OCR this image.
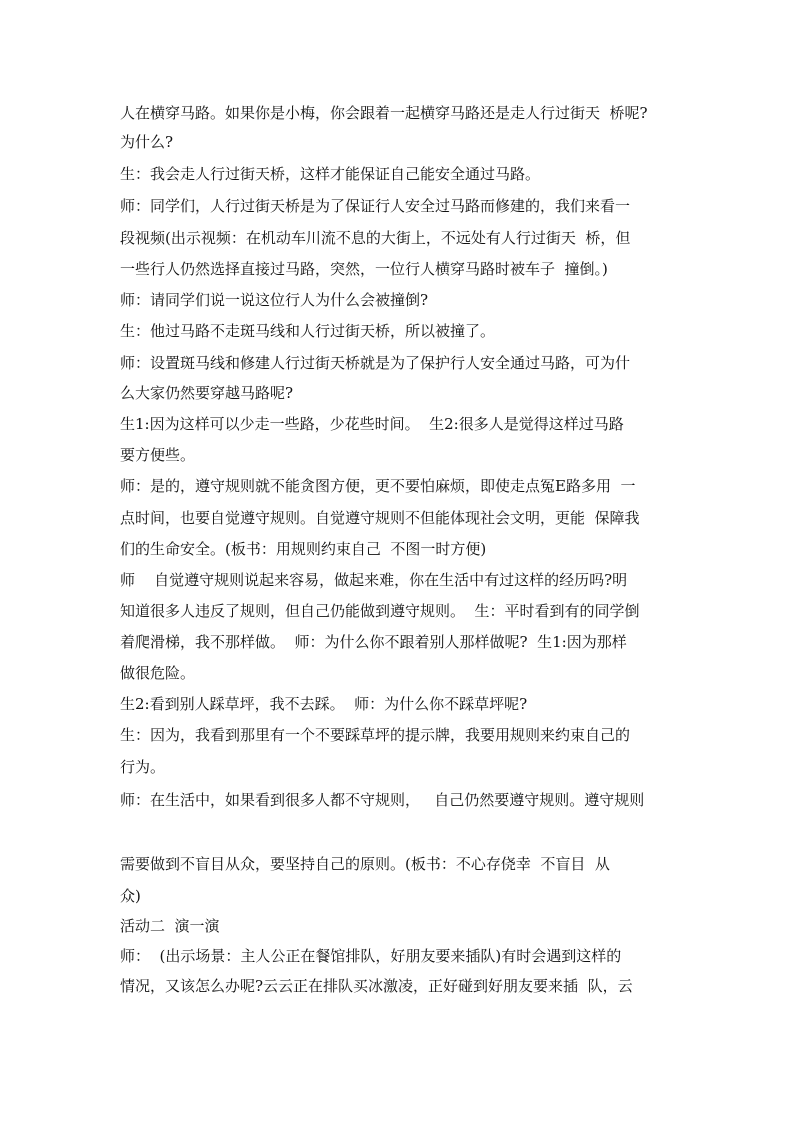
人在横穿马路。如果你是小梅，你会跟着一起横穿马路还是走人行过街天  桥呢?
为什么?
生：我会走人行过街天桥，这样才能保证自己能安全通过马路。
师：同学们，人行过街天桥是为了保证行人安全过马路而修建的，我们来看一
段视频(出示视频：在机动车川流不息的大街上，不远处有人行过街天  桥，但
一些行人仍然选择直接过马路，突然，一位行人横穿马路时被车子  撞倒。)
师：请同学们说一说这位行人为什么会被撞倒?
生：他过马路不走斑马线和人行过街天桥，所以被撞了。
师：设置斑马线和修建人行过街天桥就是为了保护行人安全通过马路，可为什
么大家仍然要穿越马路呢?
生1:因为这样可以少走一些路，少花些时间。  生2:很多人是觉得这样过马路
要方便些。
师：是的，遵守规则就不能贪图方便，更不要怕麻烦，即使走点冤E路多用  一
点时间，也要自觉遵守规则。自觉遵守规则不但能体现社会文明，更能  保障我
们的生命安全。(板书：用规则约束自己  不图一时方便)
师    自觉遵守规则说起来容易，做起来难，你在生活中有过这样的经历吗?明
知道很多人违反了规则，但自己仍能做到遵守规则。  生：平时看到有的同学倒
着爬滑梯，我不那样做。  师：为什么你不跟着别人那样做呢?  生1:因为那样
做很危险。
生2:看到别人踩草坪，我不去踩。  师：为什么你不踩草坪呢?
生：因为，我看到那里有一个不要踩草坪的提示牌，我要用规则来约束自己的
行为。
师：在生活中，如果看到很多人都不守规则，   自己仍然要遵守规则。遵守规则
需要做到不盲目从众，要坚持自己的原则。(板书：不心存侥幸  不盲目  从
众)
活动二  演一演
师：  (出示场景：主人公正在餐馆排队，好朋友要来插队)有时会遇到这样的
情况，又该怎么办呢?云云正在排队买冰激凌，正好碰到好朋友要来插  队，云
